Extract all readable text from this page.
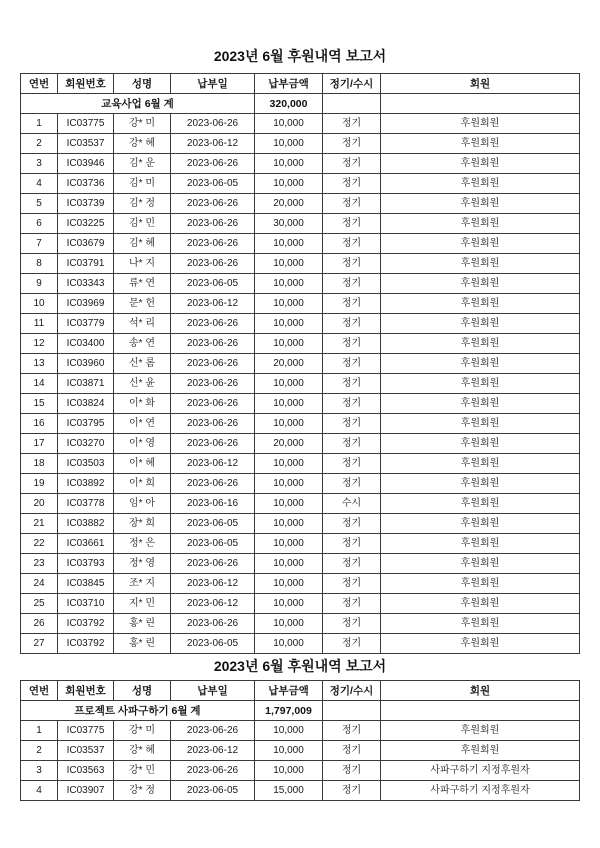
2023년 6월 후원내역 보고서
연번	회원번호	성명	납부일	납부금액	정기/수시	회원
교육사업 6월 계				320,000		
1	IC03775	강* 미	2023-06-26	10,000	정기	후원회원
2	IC03537	강* 혜	2023-06-12	10,000	정기	후원회원
3	IC03946	김* 운	2023-06-26	10,000	정기	후원회원
4	IC03736	김* 미	2023-06-05	10,000	정기	후원회원
5	IC03739	김* 정	2023-06-26	20,000	정기	후원회원
6	IC03225	김* 민	2023-06-26	30,000	정기	후원회원
7	IC03679	김* 혜	2023-06-26	10,000	정기	후원회원
8	IC03791	나* 지	2023-06-26	10,000	정기	후원회원
9	IC03343	류* 연	2023-06-05	10,000	정기	후원회원
10	IC03969	문* 헌	2023-06-12	10,000	정기	후원회원
11	IC03779	석* 리	2023-06-26	10,000	정기	후원회원
12	IC03400	송* 연	2023-06-26	10,000	정기	후원회원
13	IC03960	신* 롬	2023-06-26	20,000	정기	후원회원
14	IC03871	신* 윤	2023-06-26	10,000	정기	후원회원
15	IC03824	이* 화	2023-06-26	10,000	정기	후원회원
16	IC03795	이* 연	2023-06-26	10,000	정기	후원회원
17	IC03270	이* 영	2023-06-26	20,000	정기	후원회원
18	IC03503	이* 혜	2023-06-12	10,000	정기	후원회원
19	IC03892	이* 희	2023-06-26	10,000	정기	후원회원
20	IC03778	임* 아	2023-06-16	10,000	수시	후원회원
21	IC03882	장* 희	2023-06-05	10,000	정기	후원회원
22	IC03661	정* 은	2023-06-05	10,000	정기	후원회원
23	IC03793	정* 영	2023-06-26	10,000	정기	후원회원
24	IC03845	조* 지	2023-06-12	10,000	정기	후원회원
25	IC03710	지* 민	2023-06-12	10,000	정기	후원회원
26	IC03792	홍* 린	2023-06-26	10,000	정기	후원회원
27	IC03792	홍* 린	2023-06-05	10,000	정기	후원회원
2023년 6월 후원내역 보고서
연번	회원번호	성명	납부일	납부금액	정기/수시	회원
프로젝트 사파구하기 6월 계				1,797,009		
1	IC03775	강* 미	2023-06-26	10,000	정기	후원회원
2	IC03537	강* 혜	2023-06-12	10,000	정기	후원회원
3	IC03563	강* 민	2023-06-26	10,000	정기	사파구하기 지정후원자
4	IC03907	강* 정	2023-06-05	15,000	정기	사파구하기 지정후원자
